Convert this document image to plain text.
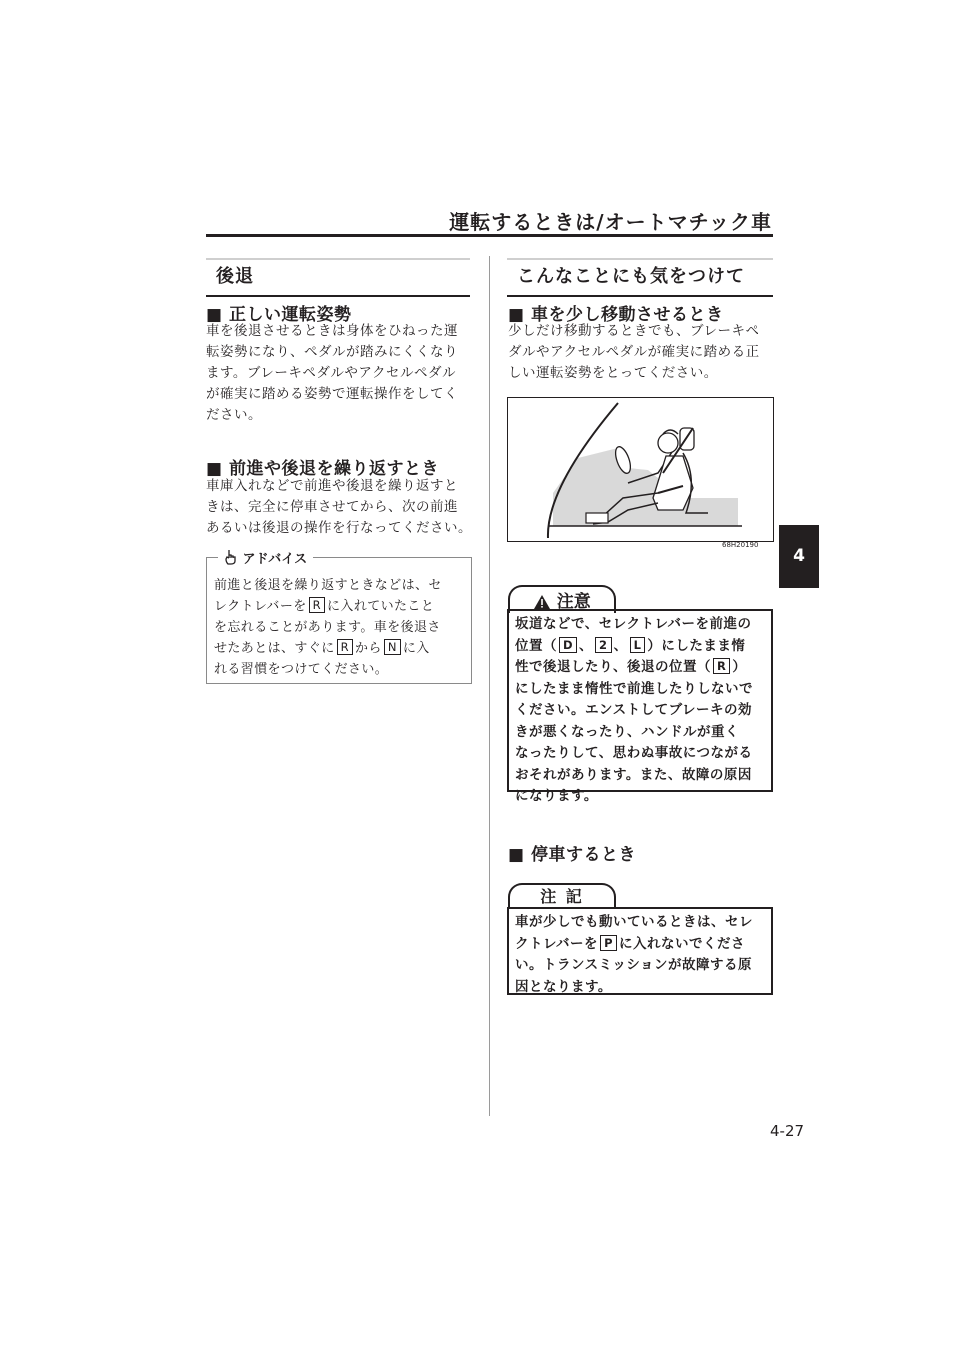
運転するときは/オートマチック車
後退
■ 正しい運転姿勢
車を後退させるときは身体をひねった運
転姿勢になり、ペダルが踏みにくくなり
ます。ブレーキペダルやアクセルペダル
が確実に踏める姿勢で運転操作をしてく
ださい。
■ 前進や後退を繰り返すとき
車庫入れなどで前進や後退を繰り返すと
きは、完全に停車させてから、次の前進
あるいは後退の操作を行なってください。
アドバイス
前進と後退を繰り返すときなどは、セ
レクトレバーを R に入れていたこと
を忘れることがあります。車を後退さ
せたあとは、すぐに R から N に入
れる習慣をつけてください。
こんなことにも気をつけて
■ 車を少し移動させるとき
少しだけ移動するときでも、ブレーキペ
ダルやアクセルペダルが確実に踏める正
しい運転姿勢をとってください。
68H20190
注意
坂道などで、セレクトレバーを前進の
位置（ D 、 2 、 L ）にしたまま惰
性で後退したり、後退の位置（ R ）
にしたまま惰性で前進したりしないで
ください。エンストしてブレーキの効
きが悪くなったり、ハンドルが重く
なったりして、思わぬ事故につながる
おそれがあります。また、故障の原因
になります。
■ 停車するとき
注 記
車が少しでも動いているときは、セレ
クトレバーを P に入れないでくださ
い。トランスミッションが故障する原
因となります。
4
4-27
